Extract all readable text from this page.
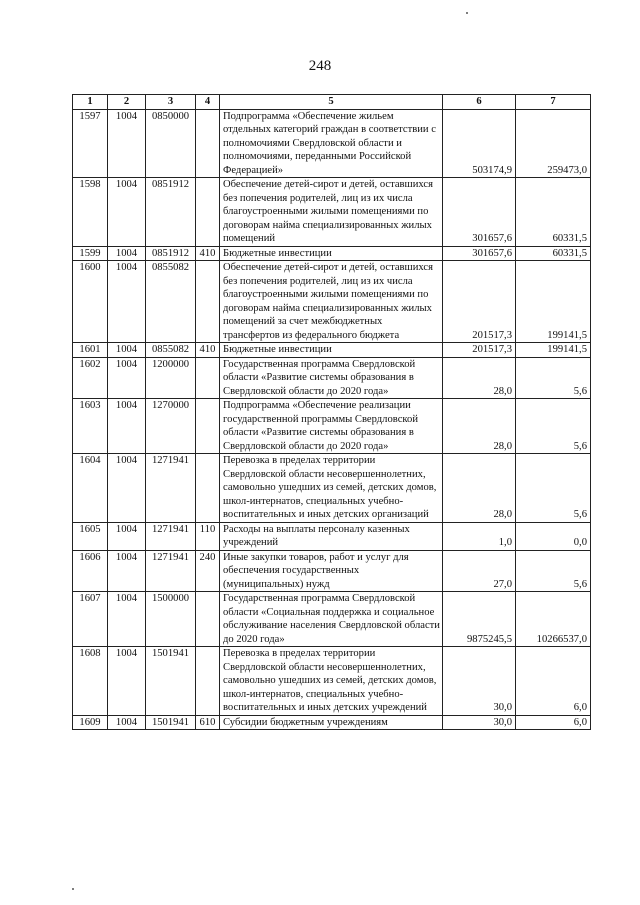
248
1	2	3	4	5	6	7
1597	1004	0850000		Подпрограмма «Обеспечение жильем отдельных категорий граждан в соответствии с полномочиями Свердловской области и полномочиями, переданными Российской Федерацией»	503174,9	259473,0
1598	1004	0851912		Обеспечение детей-сирот и детей, оставшихся без попечения родителей, лиц из их числа благоустроенными жилыми помещениями по договорам найма специализированных жилых помещений	301657,6	60331,5
1599	1004	0851912	410	Бюджетные инвестиции	301657,6	60331,5
1600	1004	0855082		Обеспечение детей-сирот и детей, оставшихся без попечения родителей, лиц из их числа благоустроенными жилыми помещениями по договорам найма специализированных жилых помещений за счет межбюджетных трансфертов из федерального бюджета	201517,3	199141,5
1601	1004	0855082	410	Бюджетные инвестиции	201517,3	199141,5
1602	1004	1200000		Государственная программа Свердловской области «Развитие системы образования в Свердловской области до 2020 года»	28,0	5,6
1603	1004	1270000		Подпрограмма «Обеспечение реализации государственной программы Свердловской области «Развитие системы образования в Свердловской области до 2020 года»	28,0	5,6
1604	1004	1271941		Перевозка в пределах территории Свердловской области несовершеннолетних, самовольно ушедших из семей, детских домов, школ-интернатов, специальных учебно-воспитательных и иных детских организаций	28,0	5,6
1605	1004	1271941	110	Расходы на выплаты персоналу казенных учреждений	1,0	0,0
1606	1004	1271941	240	Иные закупки товаров, работ и услуг для обеспечения государственных (муниципальных) нужд	27,0	5,6
1607	1004	1500000		Государственная программа Свердловской области «Социальная поддержка и социальное обслуживание населения Свердловской области до 2020 года»	9875245,5	10266537,0
1608	1004	1501941		Перевозка в пределах территории Свердловской области несовершеннолетних, самовольно ушедших из семей, детских домов, школ-интернатов, специальных учебно-воспитательных и иных детских учреждений	30,0	6,0
1609	1004	1501941	610	Субсидии бюджетным учреждениям	30,0	6,0
